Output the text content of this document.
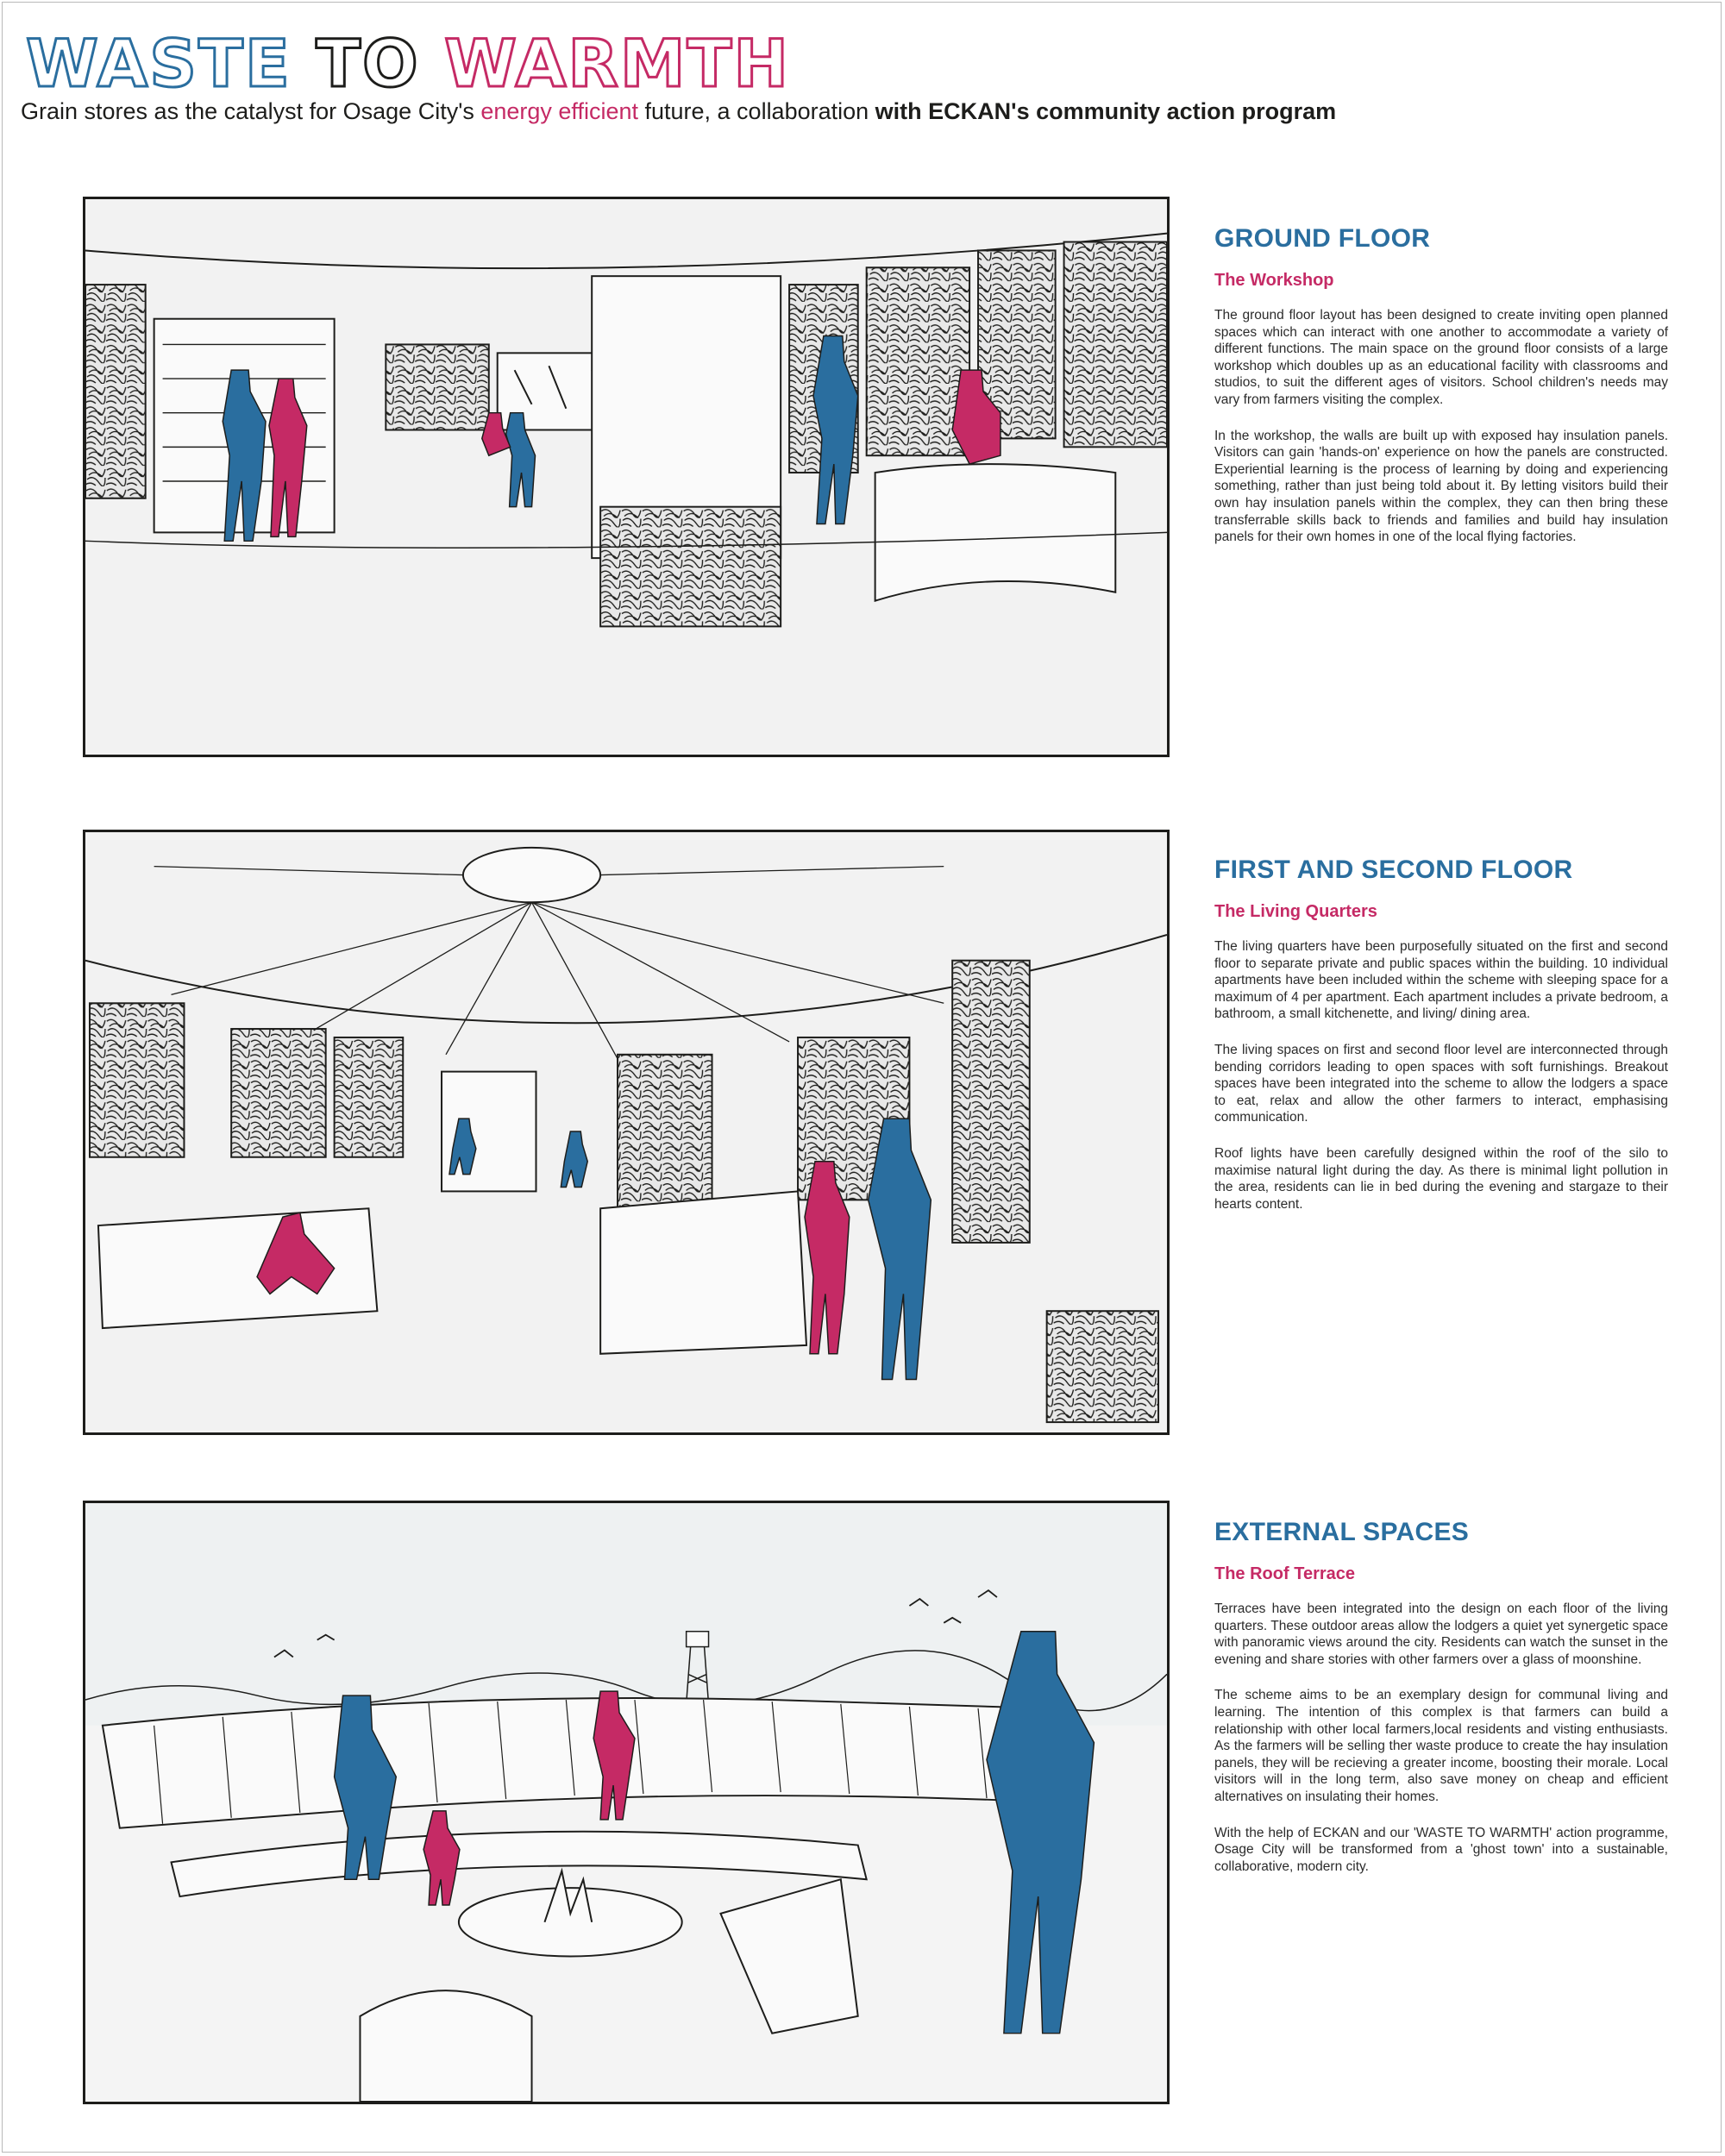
WASTE TO WARMTH

Grain stores as the catalyst for Osage City's energy efficient future, a collaboration with ECKAN's community action program

GROUND FLOOR
The Workshop

The ground floor layout has been designed to create inviting open planned spaces which can interact with one another to accommodate a variety of different functions. The main space on the ground floor consists of a large workshop which doubles up as an educational facility with classrooms and studios, to suit the different ages of visitors. School children's needs may vary from farmers visiting the complex.

In the workshop, the walls are built up with exposed hay insulation panels. Visitors can gain 'hands-on' experience on how the panels are constructed. Experiential learning is the process of learning by doing and experiencing something, rather than just being told about it. By letting visitors build their own hay insulation panels within the complex, they can then bring these transferrable skills back to friends and families and build hay insulation panels for their own homes in one of the local flying factories.

FIRST AND SECOND FLOOR
The Living Quarters

The living quarters have been purposefully situated on the first and second floor to separate private and public spaces within the building. 10 individual apartments have been included within the scheme with sleeping space for a maximum of 4 per apartment. Each apartment includes a private bedroom, a bathroom, a small kitchenette, and living/ dining area.

The living spaces on first and second floor level are interconnected through bending corridors leading to open spaces with soft furnishings. Breakout spaces have been integrated into the scheme to allow the lodgers a space to eat, relax and allow the other farmers to interact, emphasising communication.

Roof lights have been carefully designed within the roof of the silo to maximise natural light during the day. As there is minimal light pollution in the area, residents can lie in bed during the evening and stargaze to their hearts content.

EXTERNAL SPACES
The Roof Terrace

Terraces have been integrated into the design on each floor of the living quarters. These outdoor areas allow the lodgers a quiet yet synergetic space with panoramic views around the city. Residents can watch the sunset in the evening and share stories with other farmers over a glass of moonshine.

The scheme aims to be an exemplary design for communal living and learning. The intention of this complex is that farmers can build a relationship with other local farmers,local residents and visting enthusiasts. As the farmers will be selling ther waste produce to create the hay insulation panels, they will be recieving a greater income, boosting their morale. Local visitors will in the long term, also save money on cheap and efficient alternatives on insulating their homes.

With the help of ECKAN and our 'WASTE TO WARMTH' action programme, Osage City will be transformed from a 'ghost town' into a sustainable, collaborative, modern city.
